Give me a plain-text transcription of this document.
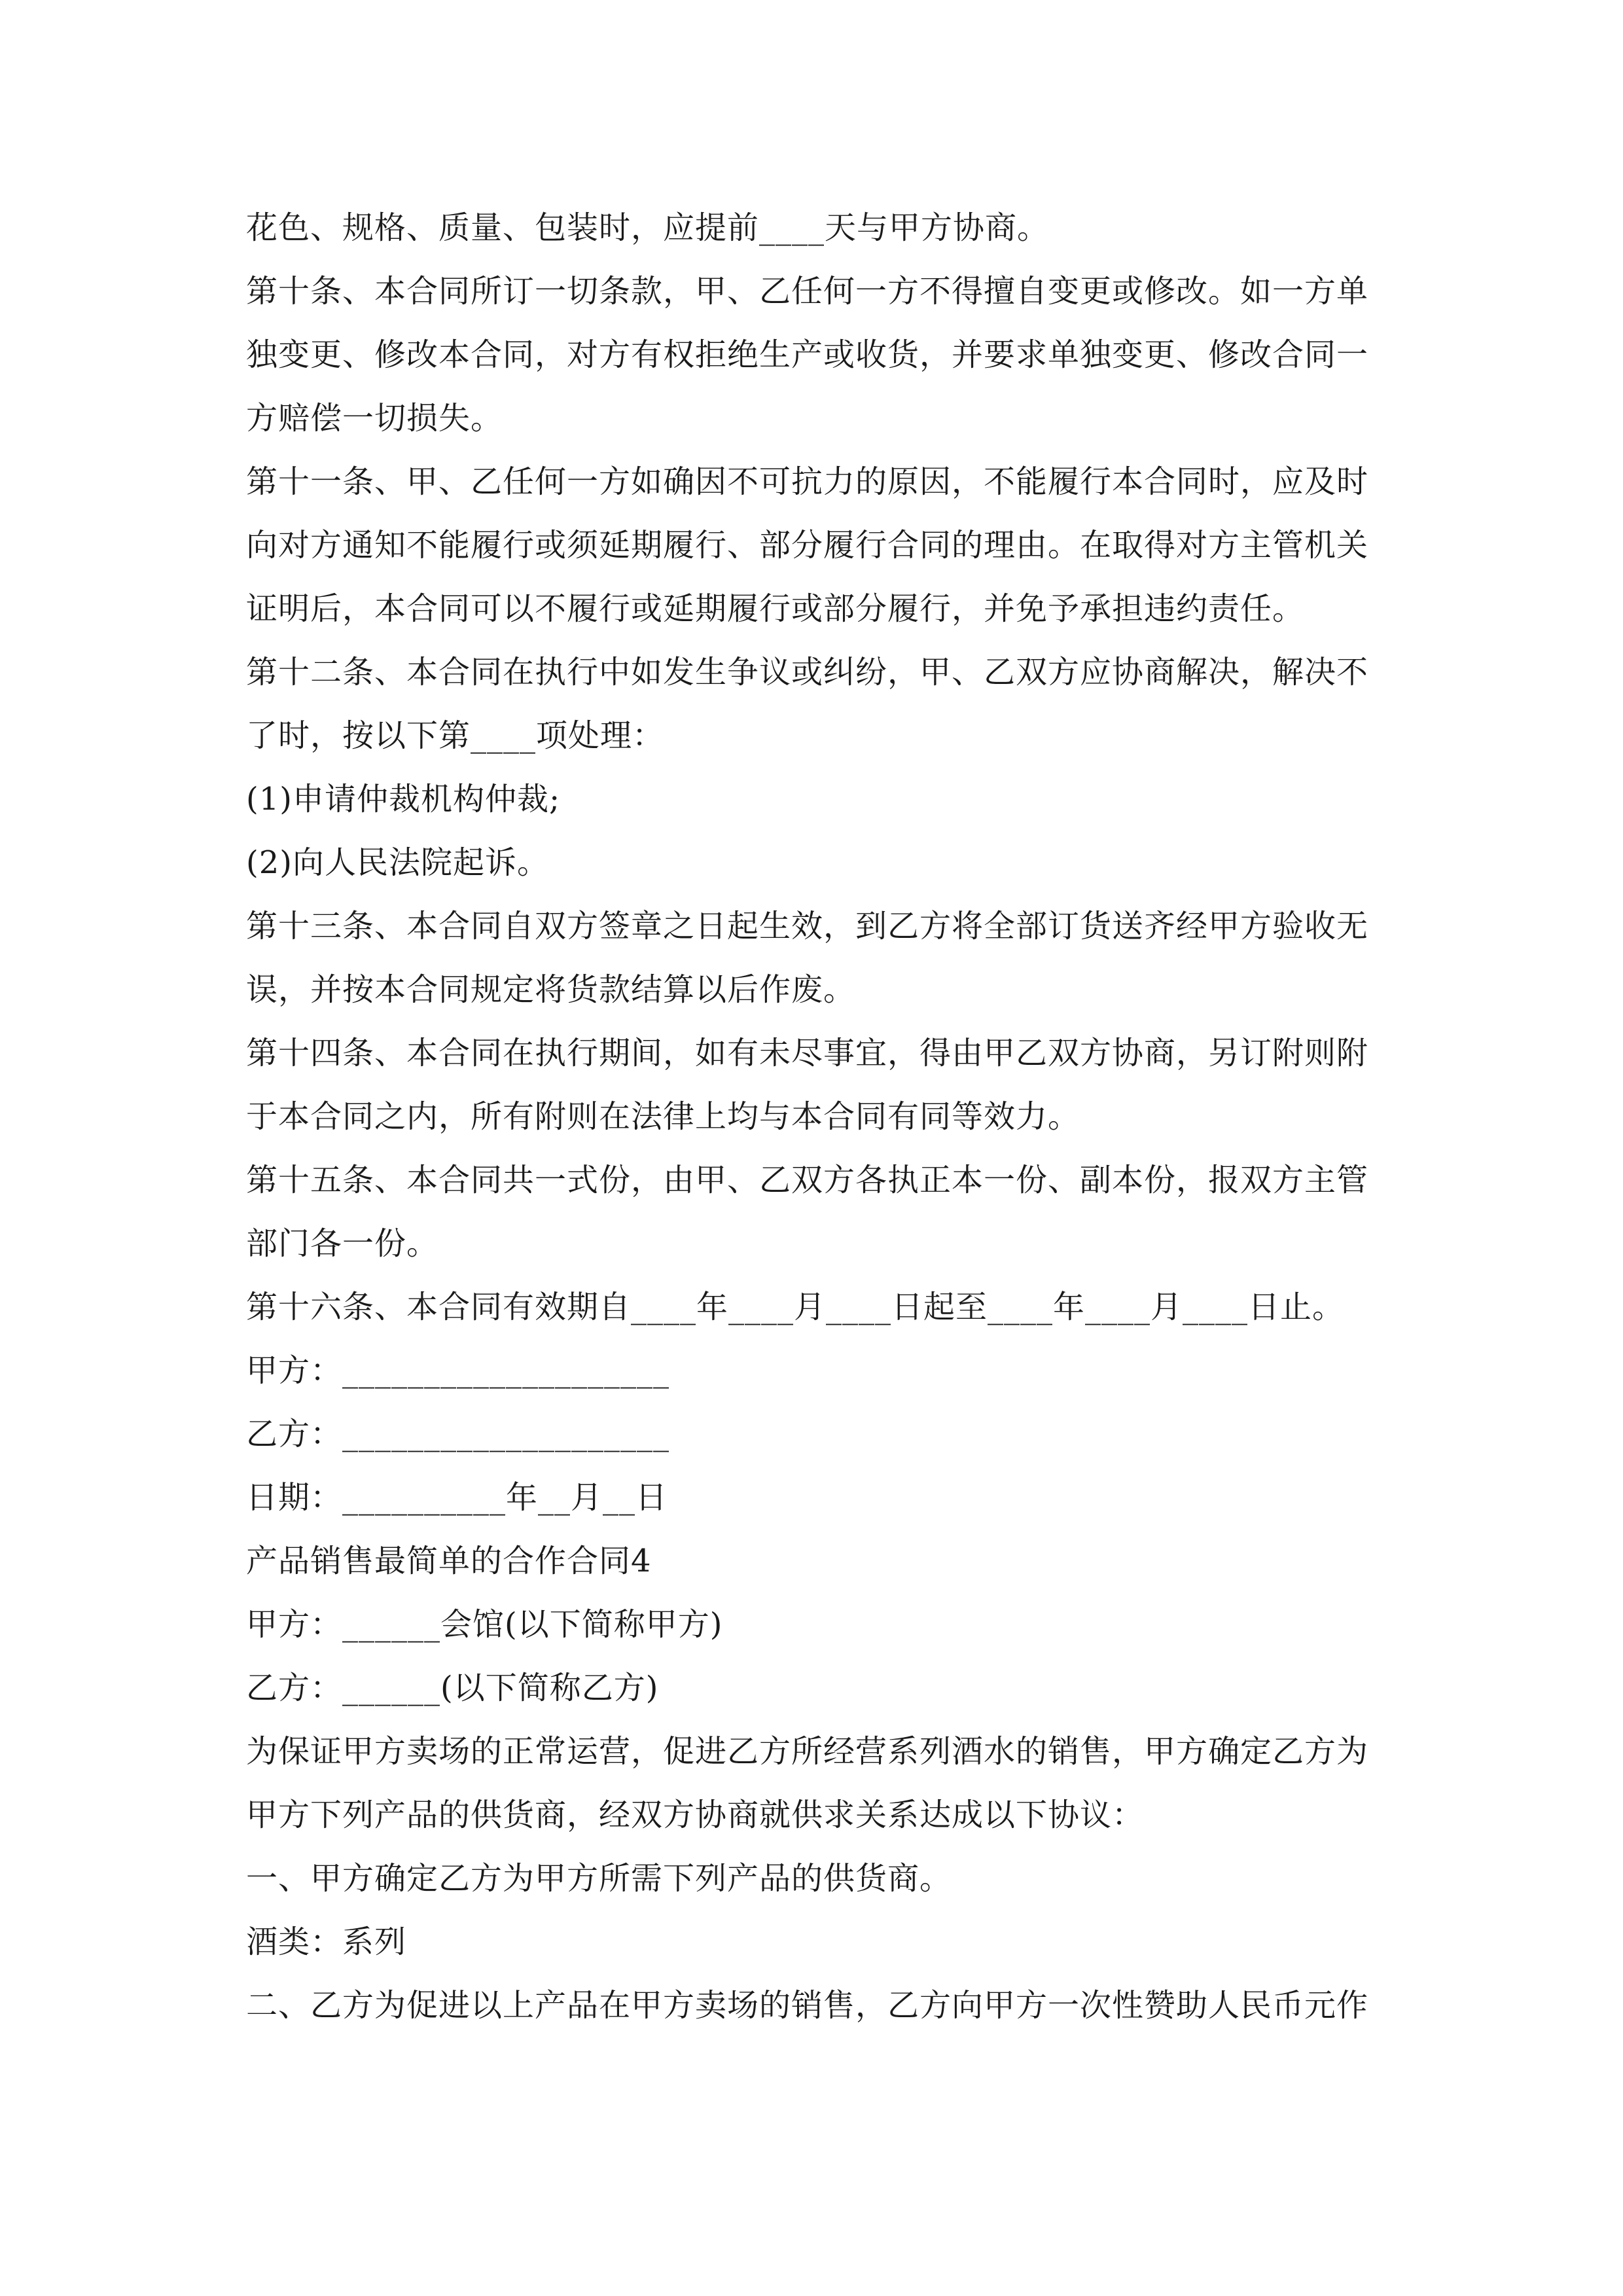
花色、规格、质量、包装时，应提前____天与甲方协商。
第十条、本合同所订一切条款，甲、乙任何一方不得擅自变更或修改。如一方单
独变更、修改本合同，对方有权拒绝生产或收货，并要求单独变更、修改合同一
方赔偿一切损失。
第十一条、甲、乙任何一方如确因不可抗力的原因，不能履行本合同时，应及时
向对方通知不能履行或须延期履行、部分履行合同的理由。在取得对方主管机关
证明后，本合同可以不履行或延期履行或部分履行，并免予承担违约责任。
第十二条、本合同在执行中如发生争议或纠纷，甲、乙双方应协商解决，解决不
了时，按以下第____项处理：
(1)申请仲裁机构仲裁;
(2)向人民法院起诉。
第十三条、本合同自双方签章之日起生效，到乙方将全部订货送齐经甲方验收无
误，并按本合同规定将货款结算以后作废。
第十四条、本合同在执行期间，如有未尽事宜，得由甲乙双方协商，另订附则附
于本合同之内，所有附则在法律上均与本合同有同等效力。
第十五条、本合同共一式份，由甲、乙双方各执正本一份、副本份，报双方主管
部门各一份。
第十六条、本合同有效期自____年____月____日起至____年____月____日止。
甲方：____________________
乙方：____________________
日期：__________年__月__日
产品销售最简单的合作合同4
甲方：______会馆(以下简称甲方)
乙方：______(以下简称乙方)
为保证甲方卖场的正常运营，促进乙方所经营系列酒水的销售，甲方确定乙方为
甲方下列产品的供货商，经双方协商就供求关系达成以下协议：
一、甲方确定乙方为甲方所需下列产品的供货商。
酒类：系列
二、乙方为促进以上产品在甲方卖场的销售，乙方向甲方一次性赞助人民币元作
